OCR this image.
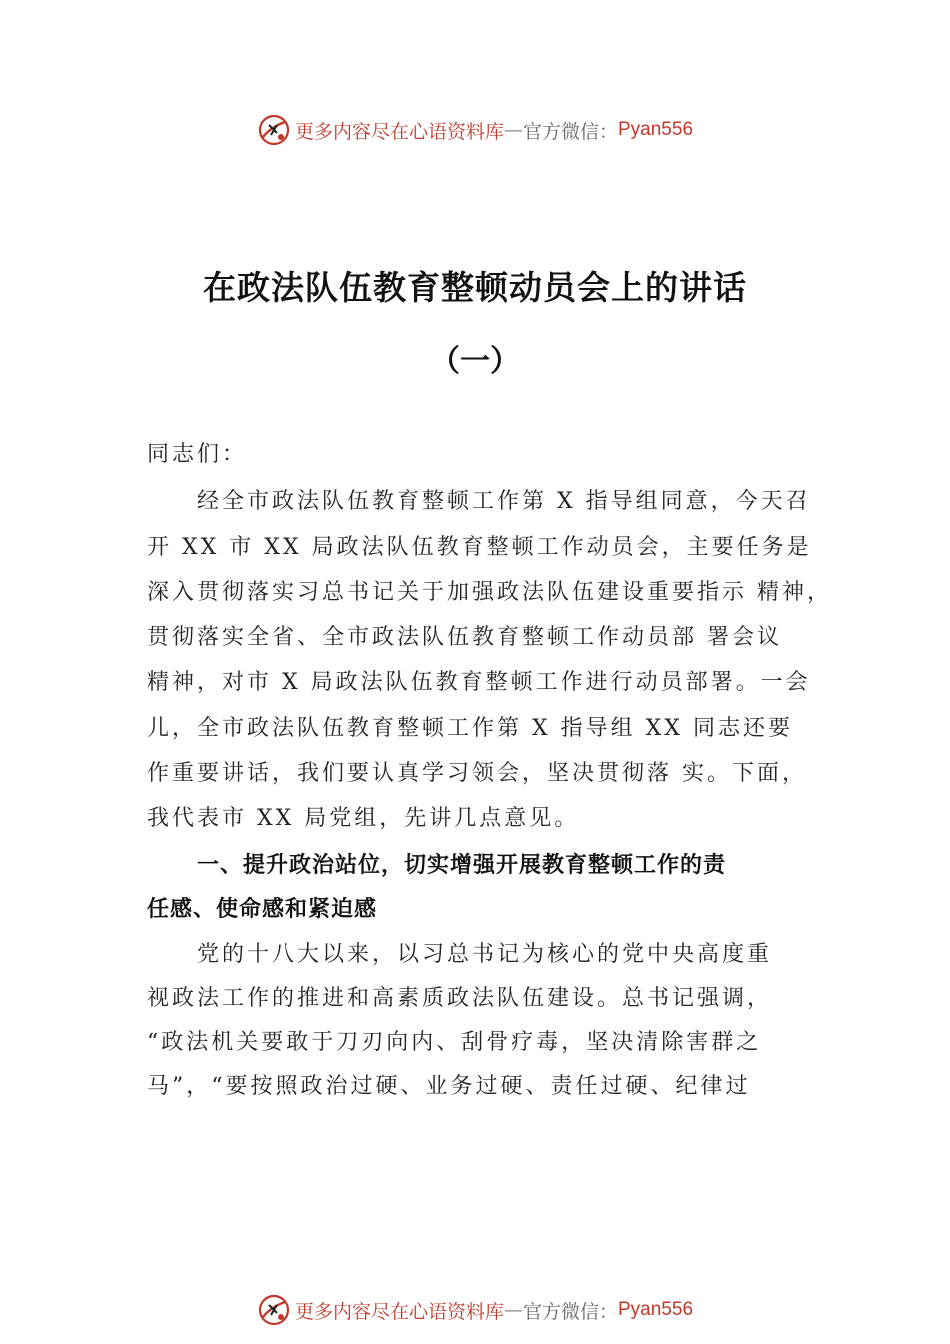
更多内容尽在心语资料库 — 官方微信： Pyan556
在政法队伍教育整顿动员会上的讲话
（一）
同志们：
经全市政法队伍教育整顿工作第 X 指导组同意，今天召
开 XX 市 XX 局政法队伍教育整顿工作动员会，主要任务是
深入贯彻落实习总书记关于加强政法队伍建设重要指示 精神，
贯彻落实全省、全市政法队伍教育整顿工作动员部 署会议
精神，对市 X 局政法队伍教育整顿工作进行动员部署。一会
儿，全市政法队伍教育整顿工作第 X 指导组 XX 同志还要
作重要讲话，我们要认真学习领会，坚决贯彻落 实。下面，
我代表市 XX 局党组，先讲几点意见。
一、提升政治站位，切实增强开展教育整顿工作的责
任感、使命感和紧迫感
党的十八大以来，以习总书记为核心的党中央高度重
视政法工作的推进和高素质政法队伍建设。总书记强调，
“政法机关要敢于刀刃向内、刮骨疗毒，坚决清除害群之
马”，“要按照政治过硬、业务过硬、责任过硬、纪律过
更多内容尽在心语资料库 — 官方微信： Pyan556
